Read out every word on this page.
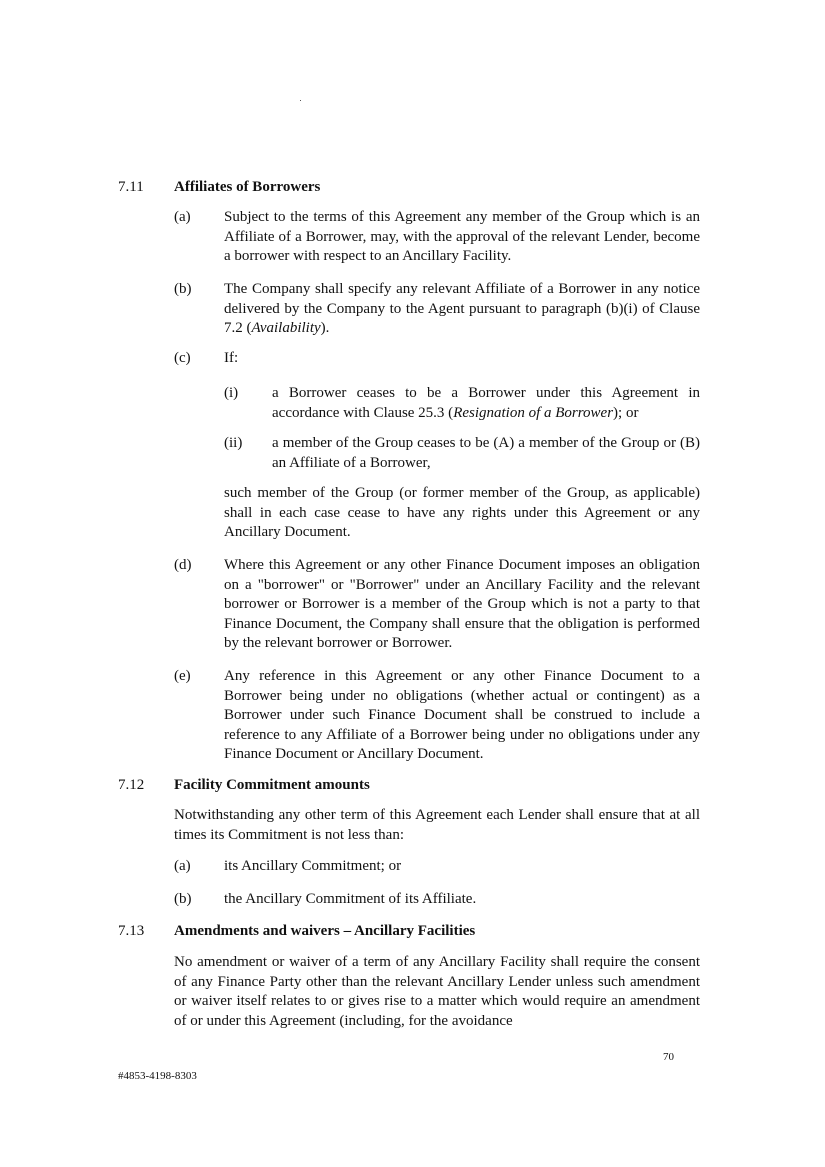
7.11 Affiliates of Borrowers
(a) Subject to the terms of this Agreement any member of the Group which is an Affiliate of a Borrower, may, with the approval of the relevant Lender, become a borrower with respect to an Ancillary Facility.
(b) The Company shall specify any relevant Affiliate of a Borrower in any notice delivered by the Company to the Agent pursuant to paragraph (b)(i) of Clause 7.2 (Availability).
(c) If:
(i) a Borrower ceases to be a Borrower under this Agreement in accordance with Clause 25.3 (Resignation of a Borrower); or
(ii) a member of the Group ceases to be (A) a member of the Group or (B) an Affiliate of a Borrower,
such member of the Group (or former member of the Group, as applicable) shall in each case cease to have any rights under this Agreement or any Ancillary Document.
(d) Where this Agreement or any other Finance Document imposes an obligation on a "borrower" or "Borrower" under an Ancillary Facility and the relevant borrower or Borrower is a member of the Group which is not a party to that Finance Document, the Company shall ensure that the obligation is performed by the relevant borrower or Borrower.
(e) Any reference in this Agreement or any other Finance Document to a Borrower being under no obligations (whether actual or contingent) as a Borrower under such Finance Document shall be construed to include a reference to any Affiliate of a Borrower being under no obligations under any Finance Document or Ancillary Document.
7.12 Facility Commitment amounts
Notwithstanding any other term of this Agreement each Lender shall ensure that at all times its Commitment is not less than:
(a) its Ancillary Commitment; or
(b) the Ancillary Commitment of its Affiliate.
7.13 Amendments and waivers – Ancillary Facilities
No amendment or waiver of a term of any Ancillary Facility shall require the consent of any Finance Party other than the relevant Ancillary Lender unless such amendment or waiver itself relates to or gives rise to a matter which would require an amendment of or under this Agreement (including, for the avoidance
70
#4853-4198-8303
